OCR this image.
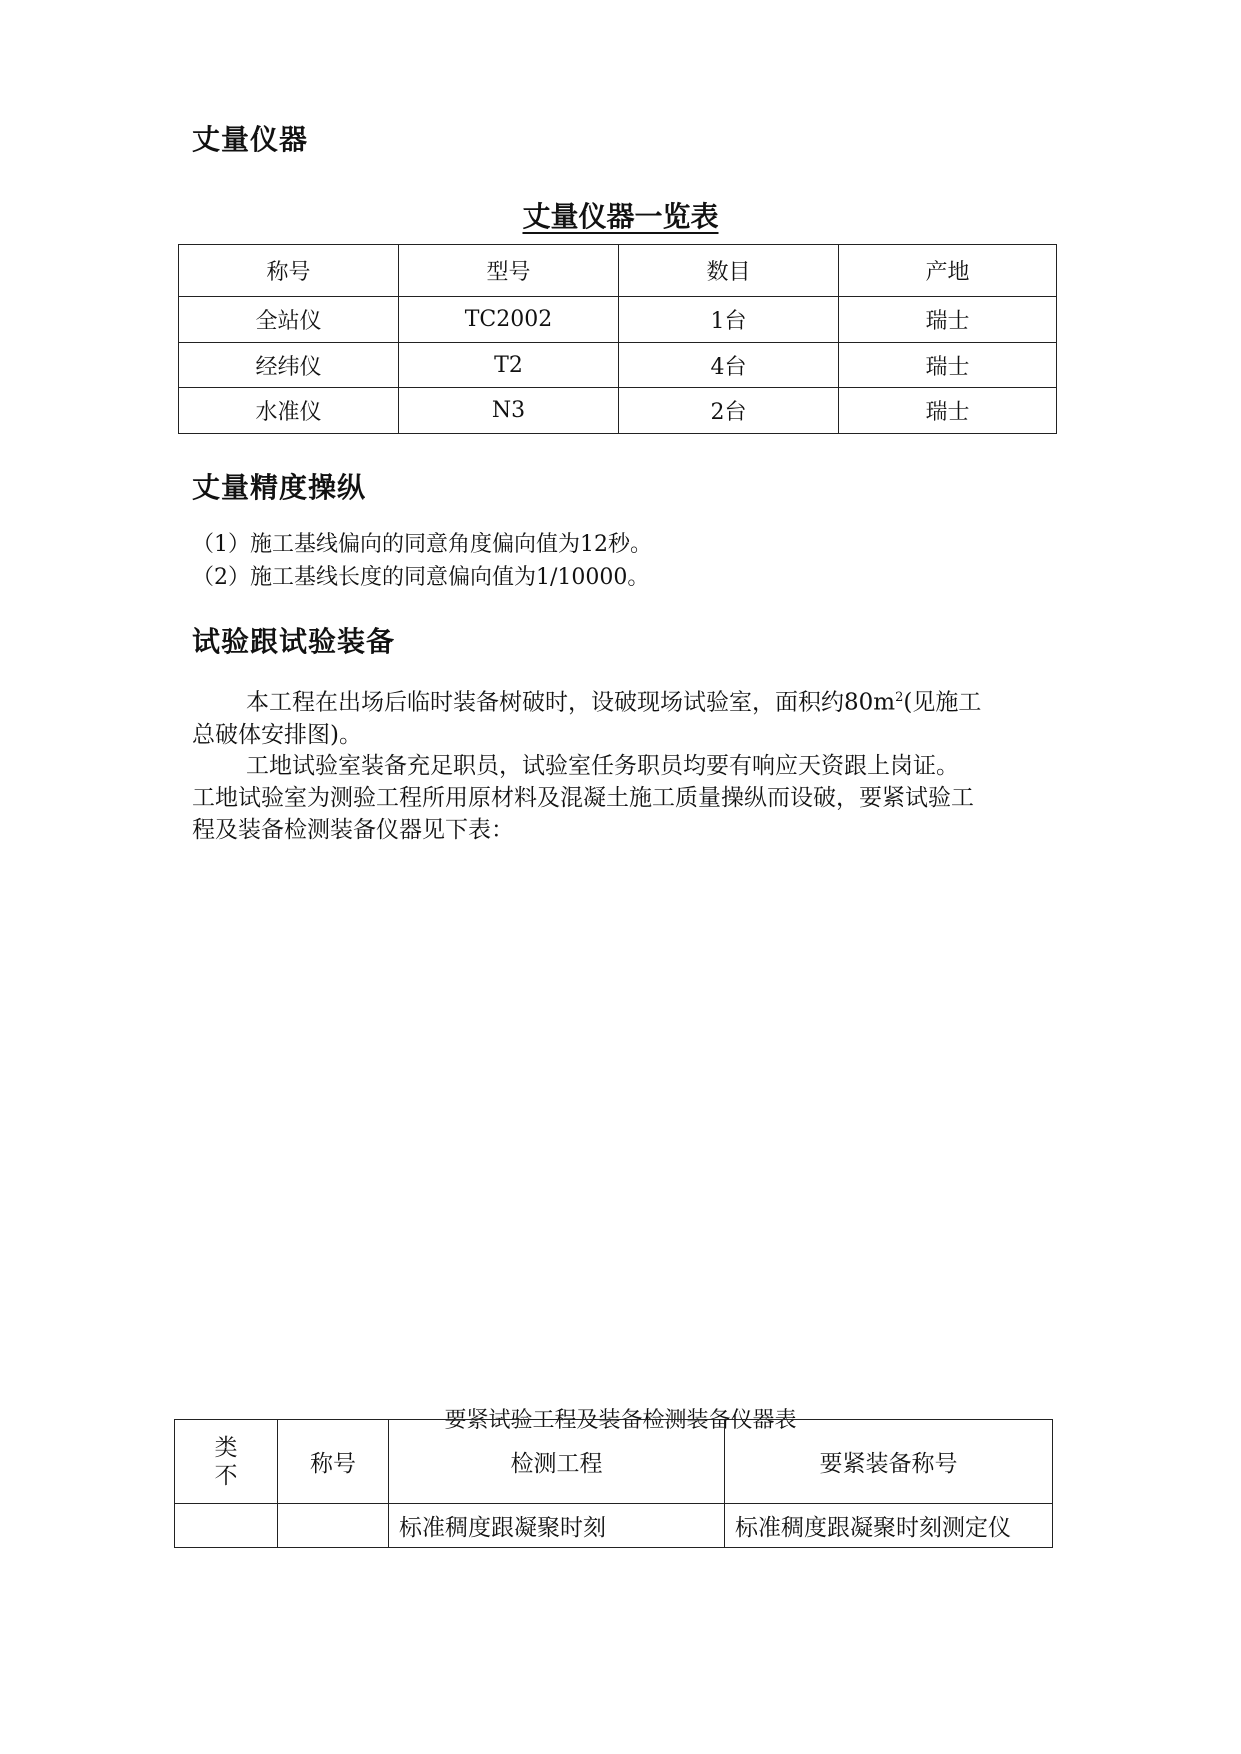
丈量仪器
丈量仪器一览表
称号	型号	数目	产地
全站仪	TC2002	1台	瑞士
经纬仪	T2	4台	瑞士
水准仪	N3	2台	瑞士
丈量精度操纵
（1）施工基线偏向的同意角度偏向值为12秒。
（2）施工基线长度的同意偏向值为1/10000。
试验跟试验装备
本工程在出场后临时装备树破时，设破现场试验室，面积约$80m^2$(见施工
总破体安排图)。
工地试验室装备充足职员，试验室任务职员均要有响应天资跟上岗证。
工地试验室为测验工程所用原材料及混凝土施工质量操纵而设破，要紧试验工
程及装备检测装备仪器见下表：
要紧试验工程及装备检测装备仪器表
类
不	称号	检测工程	要紧装备称号
		标准稠度跟凝聚时刻	标准稠度跟凝聚时刻测定仪
